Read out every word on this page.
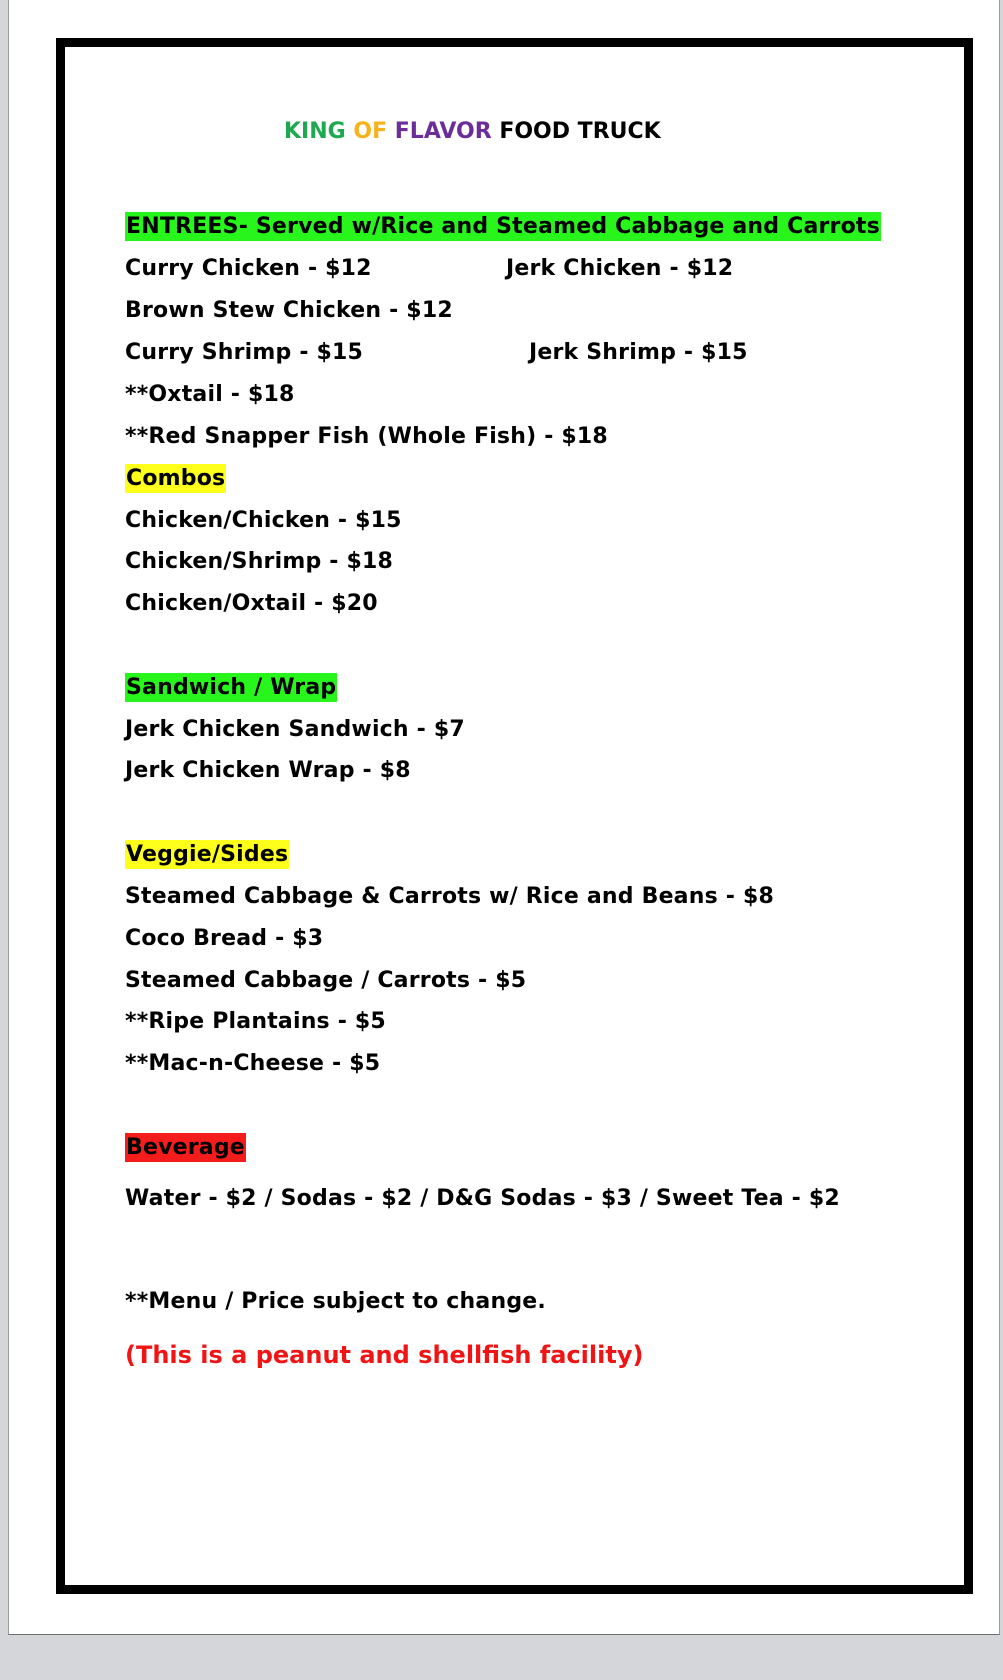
KING OF FLAVOR FOOD TRUCK
ENTREES- Served w/Rice and Steamed Cabbage and Carrots
Curry Chicken - $12	Jerk Chicken - $12
Brown Stew Chicken - $12
Curry Shrimp - $15	Jerk Shrimp - $15
**Oxtail - $18
**Red Snapper Fish (Whole Fish) - $18
Combos
Chicken/Chicken - $15
Chicken/Shrimp - $18
Chicken/Oxtail - $20
Sandwich / Wrap
Jerk Chicken Sandwich - $7
Jerk Chicken Wrap - $8
Veggie/Sides
Steamed Cabbage & Carrots w/ Rice and Beans - $8
Coco Bread - $3
Steamed Cabbage / Carrots - $5
**Ripe Plantains - $5
**Mac-n-Cheese - $5
Beverage
Water - $2 / Sodas - $2 / D&G Sodas - $3 / Sweet Tea - $2
**Menu / Price subject to change.
(This is a peanut and shellfish facility)
